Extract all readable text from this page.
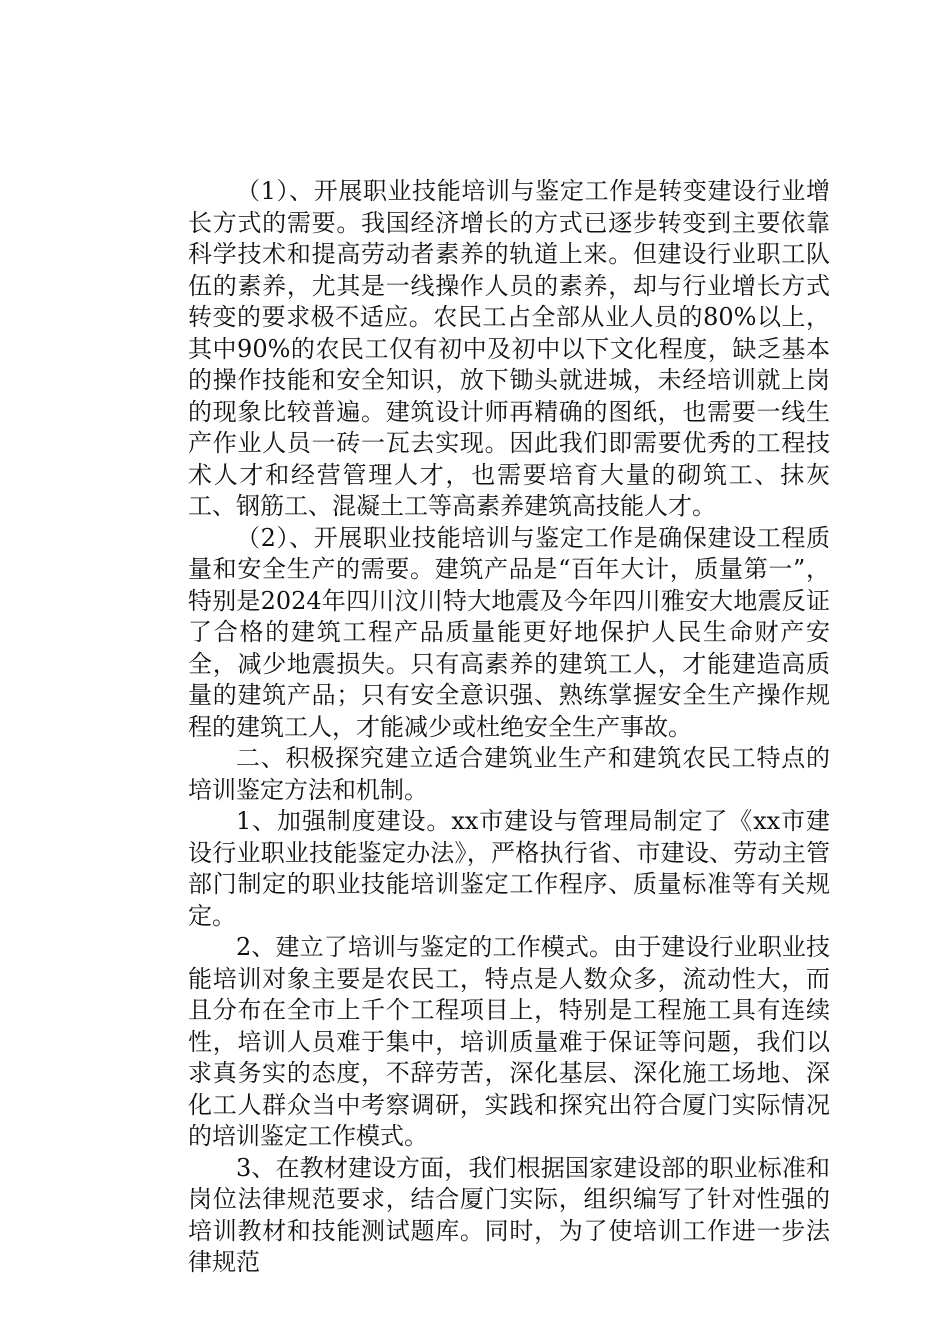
（1）、开展职业技能培训与鉴定工作是转变建设行业增长方式的需要。我国经济增长的方式已逐步转变到主要依靠科学技术和提高劳动者素养的轨道上来。但建设行业职工队伍的素养，尤其是一线操作人员的素养，却与行业增长方式转变的要求极不适应。农民工占全部从业人员的80%以上，其中90%的农民工仅有初中及初中以下文化程度，缺乏基本的操作技能和安全知识，放下锄头就进城，未经培训就上岗的现象比较普遍。建筑设计师再精确的图纸，也需要一线生产作业人员一砖一瓦去实现。因此我们即需要优秀的工程技术人才和经营管理人才，也需要培育大量的砌筑工、抹灰工、钢筋工、混凝土工等高素养建筑高技能人才。

（2）、开展职业技能培训与鉴定工作是确保建设工程质量和安全生产的需要。建筑产品是“百年大计，质量第一”，特别是2024年四川汶川特大地震及今年四川雅安大地震反证了合格的建筑工程产品质量能更好地保护人民生命财产安全，减少地震损失。只有高素养的建筑工人，才能建造高质量的建筑产品；只有安全意识强、熟练掌握安全生产操作规程的建筑工人，才能减少或杜绝安全生产事故。

二、积极探究建立适合建筑业生产和建筑农民工特点的培训鉴定方法和机制。

1、加强制度建设。xx市建设与管理局制定了《xx市建设行业职业技能鉴定办法》，严格执行省、市建设、劳动主管部门制定的职业技能培训鉴定工作程序、质量标准等有关规定。

2、建立了培训与鉴定的工作模式。由于建设行业职业技能培训对象主要是农民工，特点是人数众多，流动性大，而且分布在全市上千个工程项目上，特别是工程施工具有连续性，培训人员难于集中，培训质量难于保证等问题，我们以求真务实的态度，不辞劳苦，深化基层、深化施工场地、深化工人群众当中考察调研，实践和探究出符合厦门实际情况的培训鉴定工作模式。

3、在教材建设方面，我们根据国家建设部的职业标准和岗位法律规范要求，结合厦门实际，组织编写了针对性强的培训教材和技能测试题库。同时，为了使培训工作进一步法律规范
